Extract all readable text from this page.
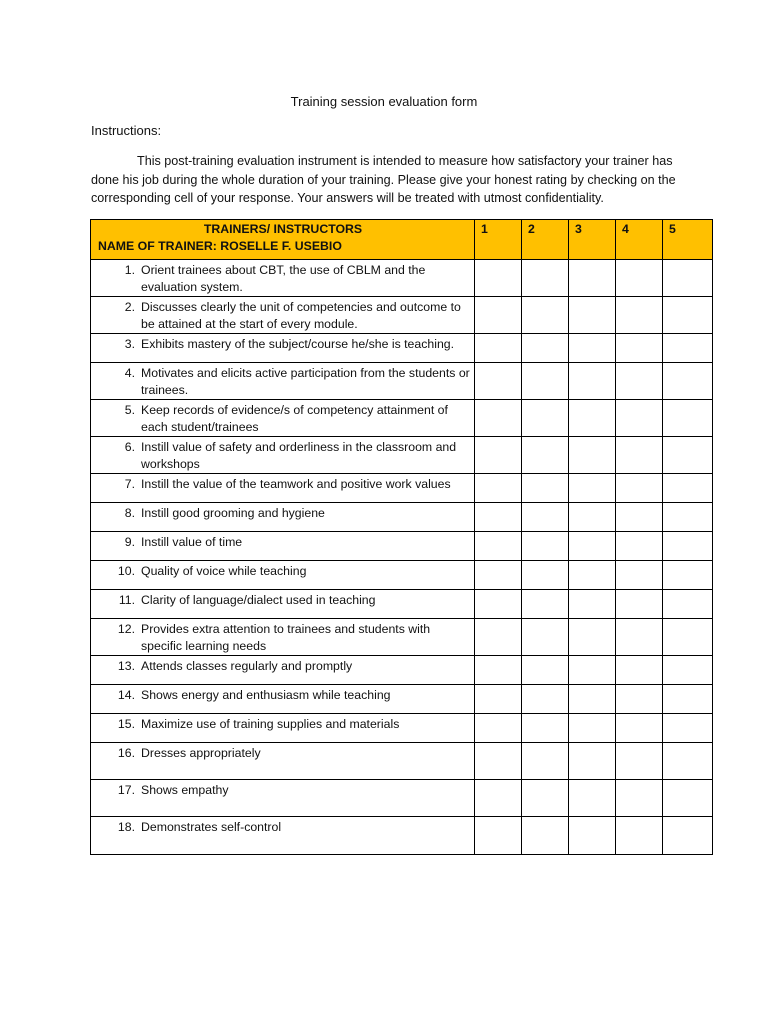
Training session evaluation form
Instructions:
This post-training evaluation instrument is intended to measure how satisfactory your trainer has done his job during the whole duration of your training. Please give your honest rating by checking on the corresponding cell of your response. Your answers will be treated with utmost confidentiality.
TRAINERS/ INSTRUCTORS
NAME OF TRAINER: ROSELLE F. USEBIO	1	2	3	4	5

1. Orient trainees about CBT, the use of CBLM and the evaluation system.					

2. Discusses clearly the unit of competencies and outcome to be attained at the start of every module.					

3. Exhibits mastery of the subject/course he/she is teaching.					

4. Motivates and elicits active participation from the students or trainees.					

5. Keep records of evidence/s of competency attainment of each student/trainees					

6. Instill value of safety and orderliness in the classroom and workshops					

7. Instill the value of the teamwork and positive work values					

8. Instill good grooming and hygiene					

9. Instill value of time					

10. Quality of voice while teaching					

11. Clarity of language/dialect used in teaching					

12. Provides extra attention to trainees and students with specific learning needs					

13. Attends classes regularly and promptly					

14. Shows energy and enthusiasm while teaching					

15. Maximize use of training supplies and materials					

16. Dresses appropriately					

17. Shows empathy					

18. Demonstrates self-control					
